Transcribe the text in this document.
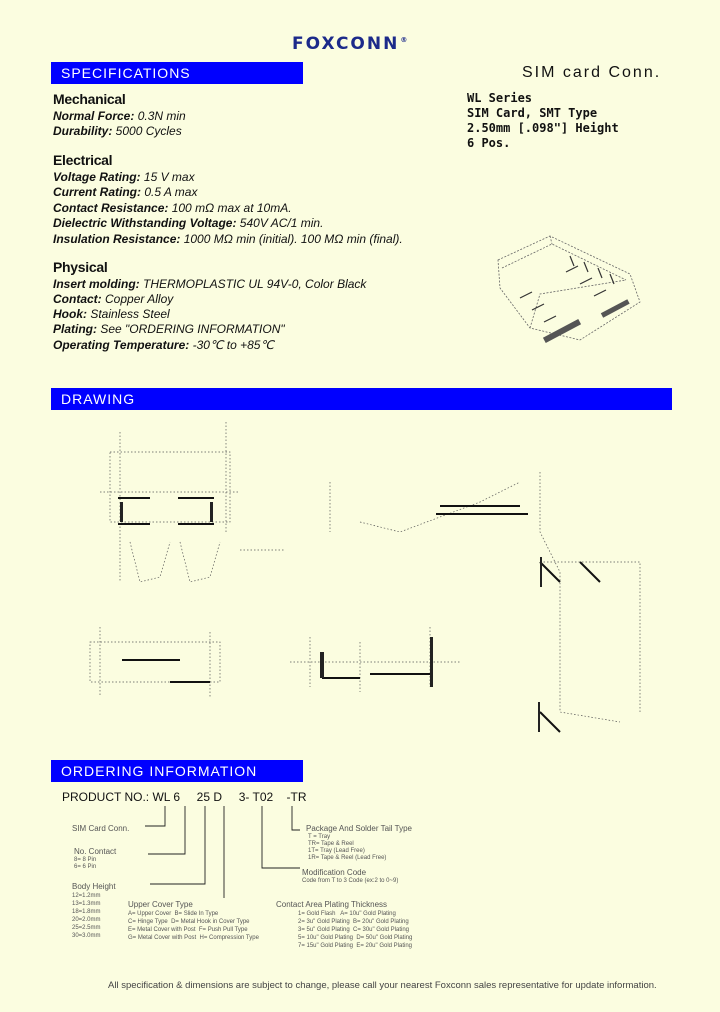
FOXCONN®
SPECIFICATIONS	SIM card Conn.
WL Series
SIM Card, SMT Type
2.50mm [.098"] Height
6 Pos.
Mechanical
Normal Force: 0.3N min
Durability: 5000 Cycles
Electrical
Voltage Rating: 15 V max
Current Rating: 0.5 A max
Contact Resistance: 100 mΩ max at 10mA.
Dielectric Withstanding Voltage: 540V AC/1 min.
Insulation Resistance: 1000 MΩ min (initial). 100 MΩ min (final).
Physical
Insert molding: THERMOPLASTIC UL 94V-0, Color Black
Contact: Copper Alloy
Hook: Stainless Steel
Plating: See "ORDERING INFORMATION"
Operating Temperature: -30℃ to +85℃
DRAWING
ORDERING INFORMATION
PRODUCT NO.: WL 6     25 D     3- T02    -TR
SIM Card Conn.
No. Contact
8= 8 Pin
6= 6 Pin
Body Height
12=1.2mm
13=1.3mm
18=1.8mm
20=2.0mm
25=2.5mm
30=3.0mm
Upper Cover Type
A= Upper Cover  B= Slide In Type
C= Hinge Type  D= Metal Hook in Cover Type
E= Metal Cover with Post  F= Push Pull Type
G= Metal Cover with Post  H= Compression Type
Contact Area Plating Thickness
1= Gold Flash   A= 10u" Gold Plating
2= 3u" Gold Plating  B= 20u" Gold Plating
3= 5u" Gold Plating  C= 30u" Gold Plating
5= 10u" Gold Plating  D= 50u" Gold Plating
7= 15u" Gold Plating  E= 20u" Gold Plating
Modification Code
Code from T to 3 Code (ex:2 to 0~9)
Package And Solder Tail Type
T = Tray
TR= Tape & Reel
1T= Tray (Lead Free)
1R= Tape & Reel (Lead Free)
All specification & dimensions are subject to change, please call your nearest Foxconn sales representative for update information.
